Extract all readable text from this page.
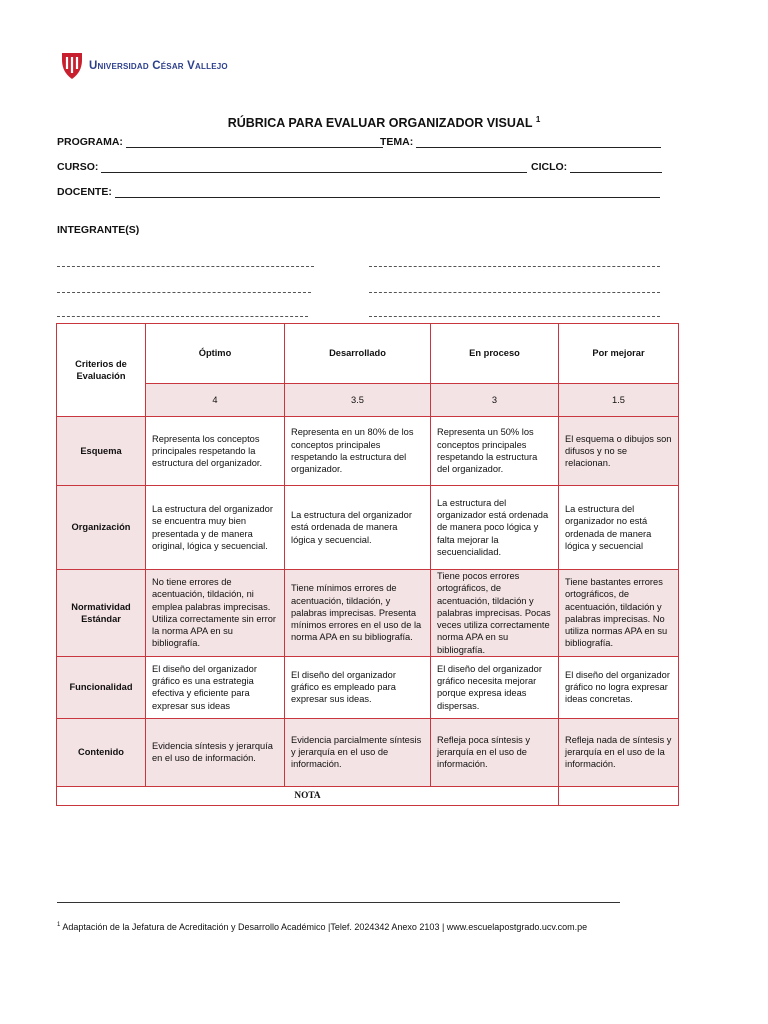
Universidad César Vallejo
RÚBRICA PARA EVALUAR ORGANIZADOR VISUAL $^1$
PROGRAMA:	TEMA:
CURSO:	CICLO:
DOCENTE:
INTEGRANTE(S)
Criterios de Evaluación	Óptimo	Desarrollado	En proceso	Por mejorar
	4	3.5	3	1.5
Esquema	Representa los conceptos principales respetando la estructura del organizador.	Representa en un 80% de los conceptos principales respetando la estructura del organizador.	Representa un 50% los conceptos principales respetando la estructura del organizador.	El esquema o dibujos son difusos y no se relacionan.
Organización	La estructura del organizador se encuentra muy bien presentada y de manera original, lógica y secuencial.	La estructura del organizador está ordenada de manera lógica y secuencial.	La estructura del organizador está ordenada de manera poco lógica y falta mejorar la secuencialidad.	La estructura del organizador no está ordenada de manera lógica y secuencial
Normatividad Estándar	No tiene errores de acentuación, tildación, ni emplea palabras imprecisas. Utiliza correctamente sin error la norma APA en su bibliografía.	Tiene mínimos errores de acentuación, tildación, y palabras imprecisas. Presenta mínimos errores en el uso de la norma APA en su bibliografía.	Tiene pocos errores ortográficos, de acentuación, tildación y palabras imprecisas. Pocas veces utiliza correctamente norma APA en su bibliografía.	Tiene bastantes errores ortográficos, de acentuación, tildación y palabras imprecisas. No utiliza normas APA en su bibliografía.
Funcionalidad	El diseño del organizador gráfico es una estrategia efectiva y eficiente para expresar sus ideas	El diseño del organizador gráfico es empleado para expresar sus ideas.	El diseño del organizador gráfico necesita mejorar porque expresa ideas dispersas.	El diseño del organizador gráfico no logra expresar ideas concretas.
Contenido	Evidencia síntesis y jerarquía en el uso de información.	Evidencia parcialmente síntesis y jerarquía en el uso de información.	Refleja poca síntesis y jerarquía en el uso de información.	Refleja nada de síntesis y jerarquía en el uso de la información.
NOTA				
$^1$ Adaptación de la Jefatura de Acreditación y Desarrollo Académico |Telef. 2024342 Anexo 2103 | www.escuelapostgrado.ucv.com.pe
